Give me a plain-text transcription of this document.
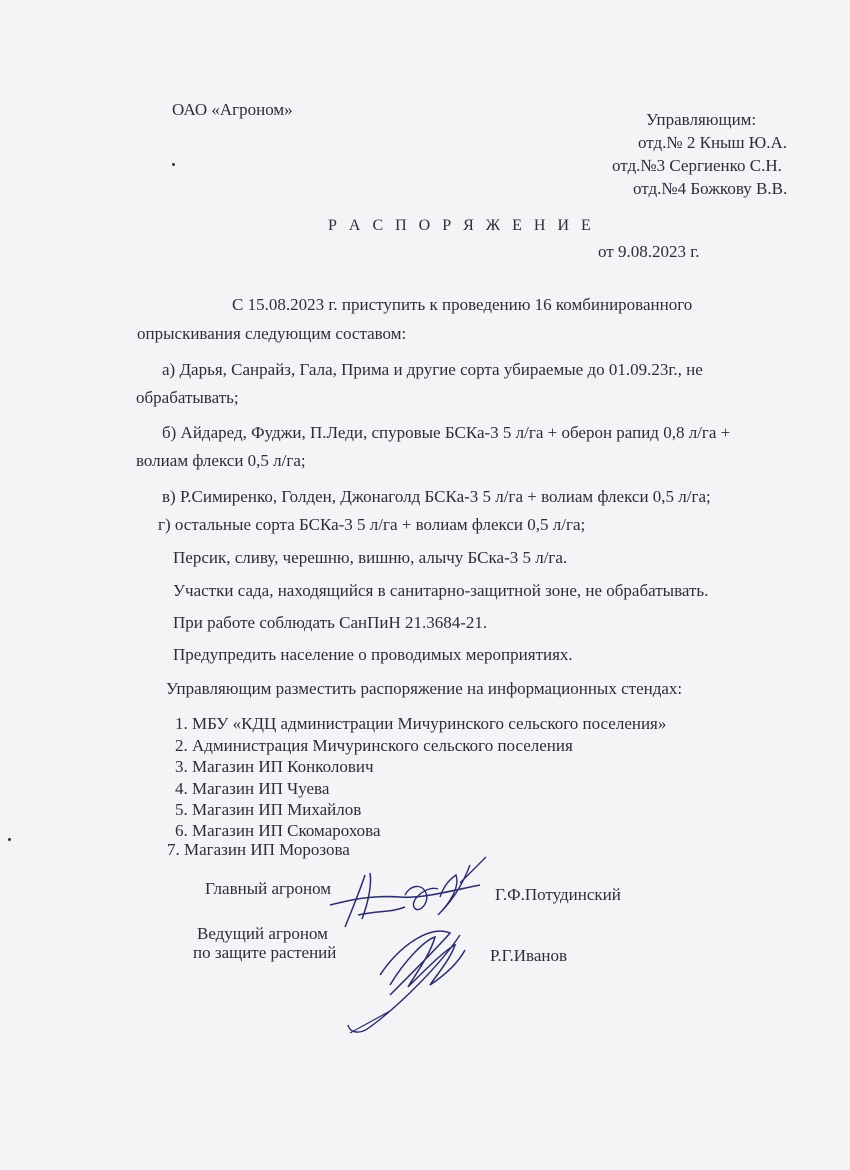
ОАО «Агроном»
Управляющим:
отд.№ 2 Кныш Ю.А.
отд.№3 Сергиенко С.Н.
отд.№4 Божкову В.В.
Р А С П О Р Я Ж Е Н И Е
от 9.08.2023 г.
С 15.08.2023 г. приступить к проведению 16 комбинированного
опрыскивания следующим составом:
а) Дарья, Санрайз, Гала, Прима и другие сорта убираемые до 01.09.23г., не
обрабатывать;
б) Айдаред, Фуджи, П.Леди, спуровые БСКа-3 5 л/га + оберон рапид 0,8 л/га +
волиам флекси 0,5 л/га;
в) Р.Симиренко, Голден, Джонаголд БСКа-3 5 л/га + волиам флекси 0,5 л/га;
г) остальные сорта БСКа-3 5 л/га + волиам флекси 0,5 л/га;
Персик, сливу, черешню, вишню, алычу БСка-3 5 л/га.
Участки сада, находящийся в санитарно-защитной зоне, не обрабатывать.
При работе соблюдать СанПиН 21.3684-21.
Предупредить население о проводимых мероприятиях.
Управляющим разместить распоряжение на информационных стендах:
1. МБУ «КДЦ администрации Мичуринского сельского поселения»
2. Администрация Мичуринского сельского поселения
3. Магазин ИП Конколович
4. Магазин ИП Чуева
5. Магазин ИП Михайлов
6. Магазин ИП Скомарохова
7. Магазин ИП Морозова
Главный агроном	Г.Ф.Потудинский
Ведущий агроном
по защите растений	Р.Г.Иванов
